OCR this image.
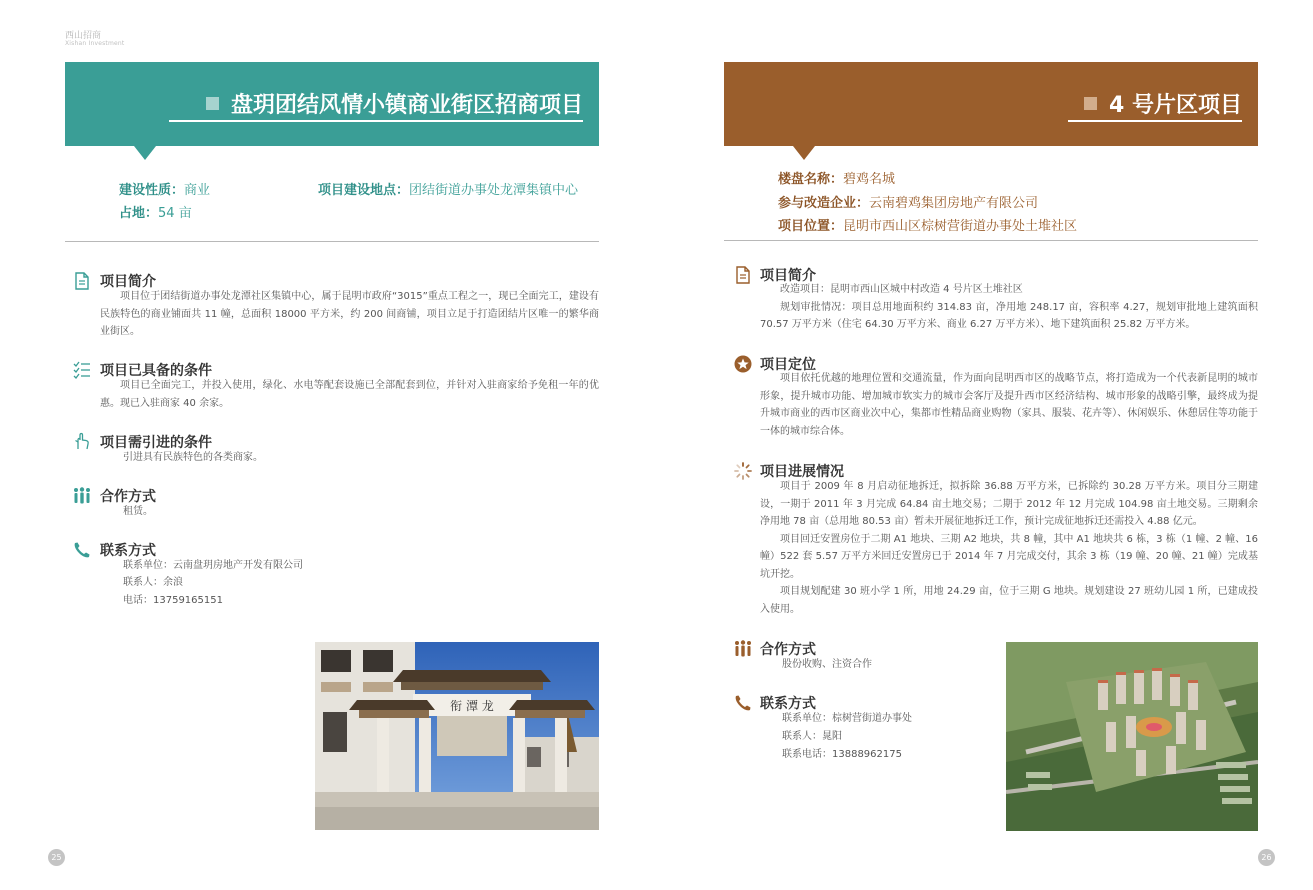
西山招商
Xishan Investment
盘玥团结风情小镇商业街区招商项目
建设性质：商业	项目建设地点：团结街道办事处龙潭集镇中心
占地：54 亩
项目简介

项目位于团结街道办事处龙潭社区集镇中心，属于昆明市政府“3015”重点工程之一，现已全面完工，建设有民族特色的商业铺面共 11 幢，总面积 18000 平方米，约 200 间商铺，项目立足于打造团结片区唯一的繁华商业街区。

项目已具备的条件

项目已全面完工，并投入使用，绿化、水电等配套设施已全部配套到位，并针对入驻商家给予免租一年的优惠。现已入驻商家 40 余家。

项目需引进的条件
引进具有民族特色的各类商家。
合作方式
租赁。
联系方式
联系单位：云南盘玥房地产开发有限公司
联系人：余浪
电话：13759165151
衔 潭 龙
25
4 号片区项目
楼盘名称：碧鸡名城
参与改造企业：云南碧鸡集团房地产有限公司
项目位置：昆明市西山区棕树营街道办事处土堆社区
项目简介

改造项目：昆明市西山区城中村改造 4 号片区土堆社区

规划审批情况：项目总用地面积约 314.83 亩，净用地 248.17 亩，容积率 4.27，规划审批地上建筑面积 70.57 万平方米（住宅 64.30 万平方米、商业 6.27 万平方米）、地下建筑面积 25.82 万平方米。

项目定位

项目依托优越的地理位置和交通流量，作为面向昆明西市区的战略节点，将打造成为一个代表新昆明的城市形象，提升城市功能、增加城市软实力的城市会客厅及提升西市区经济结构、城市形象的战略引擎，最终成为提升城市商业的西市区商业次中心，集都市性精品商业购物（家具、服装、花卉等）、休闲娱乐、休憩居住等功能于一体的城市综合体。

项目进展情况

项目于 2009 年 8 月启动征地拆迁，拟拆除 36.88 万平方米，已拆除约 30.28 万平方米。项目分三期建设，一期于 2011 年 3 月完成 64.84 亩土地交易；二期于 2012 年 12 月完成 104.98 亩土地交易。三期剩余净用地 78 亩（总用地 80.53 亩）暂未开展征地拆迁工作，预计完成征地拆迁还需投入 4.88 亿元。

项目回迁安置房位于二期 A1 地块、三期 A2 地块，共 8 幢，其中 A1 地块共 6 栋，3 栋（1 幢、2 幢、16 幢）522 套 5.57 万平方米回迁安置房已于 2014 年 7 月完成交付，其余 3 栋（19 幢、20 幢、21 幢）完成基坑开挖。

项目规划配建 30 班小学 1 所，用地 24.29 亩，位于三期 G 地块。规划建设 27 班幼儿园 1 所，已建成投入使用。

合作方式
股份收购、注资合作
联系方式
联系单位：棕树营街道办事处
联系人：晁阳
联系电话：13888962175
26
